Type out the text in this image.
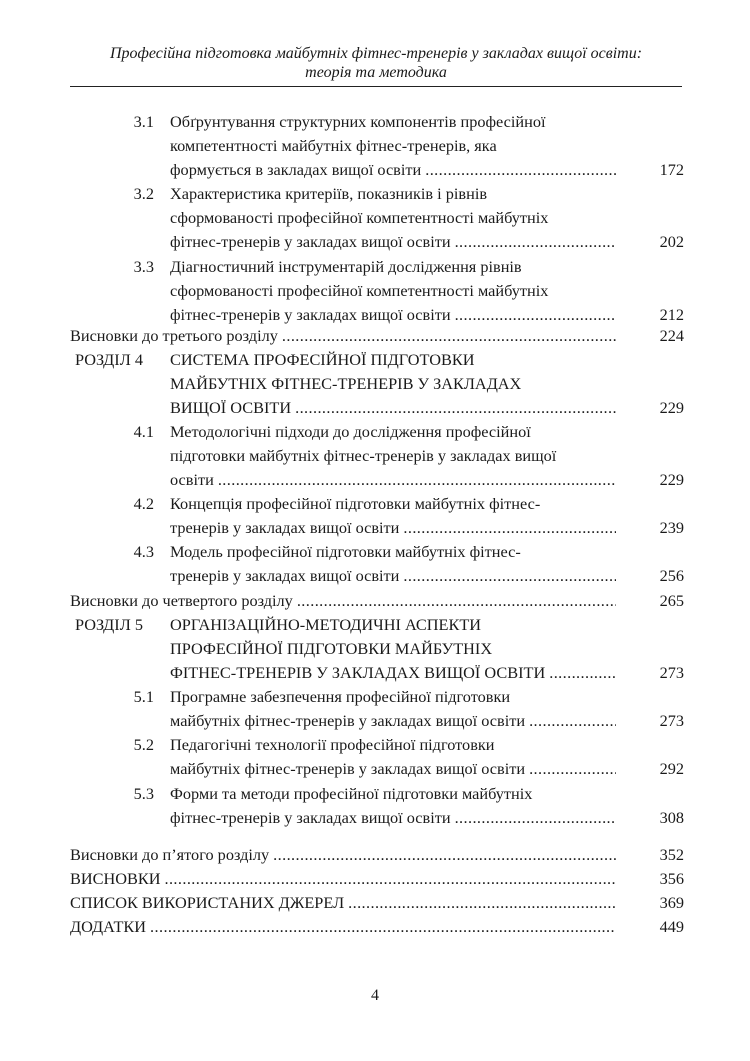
Професійна підготовка майбутніх фітнес-тренерів у закладах вищої освіти:
теорія та методика
3.1 Обґрунтування структурних компонентів професійної
компетентності майбутніх фітнес-тренерів, яка
формується в закладах вищої освіти .....	172
3.2 Характеристика критеріїв, показників і рівнів
сформованості професійної компетентності майбутніх
фітнес-тренерів у закладах вищої освіти .....	202
3.3 Діагностичний інструментарій дослідження рівнів
сформованості професійної компетентності майбутніх
фітнес-тренерів у закладах вищої освіти .....	212
Висновки до третього розділу .....	224
РОЗДІЛ 4 СИСТЕМА ПРОФЕСІЙНОЇ ПІДГОТОВКИ
МАЙБУТНІХ ФІТНЕС-ТРЕНЕРІВ У ЗАКЛАДАХ
ВИЩОЇ ОСВІТИ .....	229
4.1 Методологічні підходи до дослідження професійної
підготовки майбутніх фітнес-тренерів у закладах вищої
освіти .....	229
4.2 Концепція професійної підготовки майбутніх фітнес-
тренерів у закладах вищої освіти .....	239
4.3 Модель професійної підготовки майбутніх фітнес-
тренерів у закладах вищої освіти .....	256
Висновки до четвертого розділу .....	265
РОЗДІЛ 5 ОРГАНІЗАЦІЙНО-МЕТОДИЧНІ АСПЕКТИ
ПРОФЕСІЙНОЇ ПІДГОТОВКИ МАЙБУТНІХ
ФІТНЕС-ТРЕНЕРІВ У ЗАКЛАДАХ ВИЩОЇ ОСВІТИ .....	273
5.1 Програмне забезпечення професійної підготовки
майбутніх фітнес-тренерів у закладах вищої освіти .....	273
5.2 Педагогічні технології професійної підготовки
майбутніх фітнес-тренерів у закладах вищої освіти .....	292
5.3 Форми та методи професійної підготовки майбутніх
фітнес-тренерів у закладах вищої освіти .....	308
Висновки до п’ятого розділу .....	352
ВИСНОВКИ .....	356
СПИСОК ВИКОРИСТАНИХ ДЖЕРЕЛ .....	369
ДОДАТКИ .....	449
4
